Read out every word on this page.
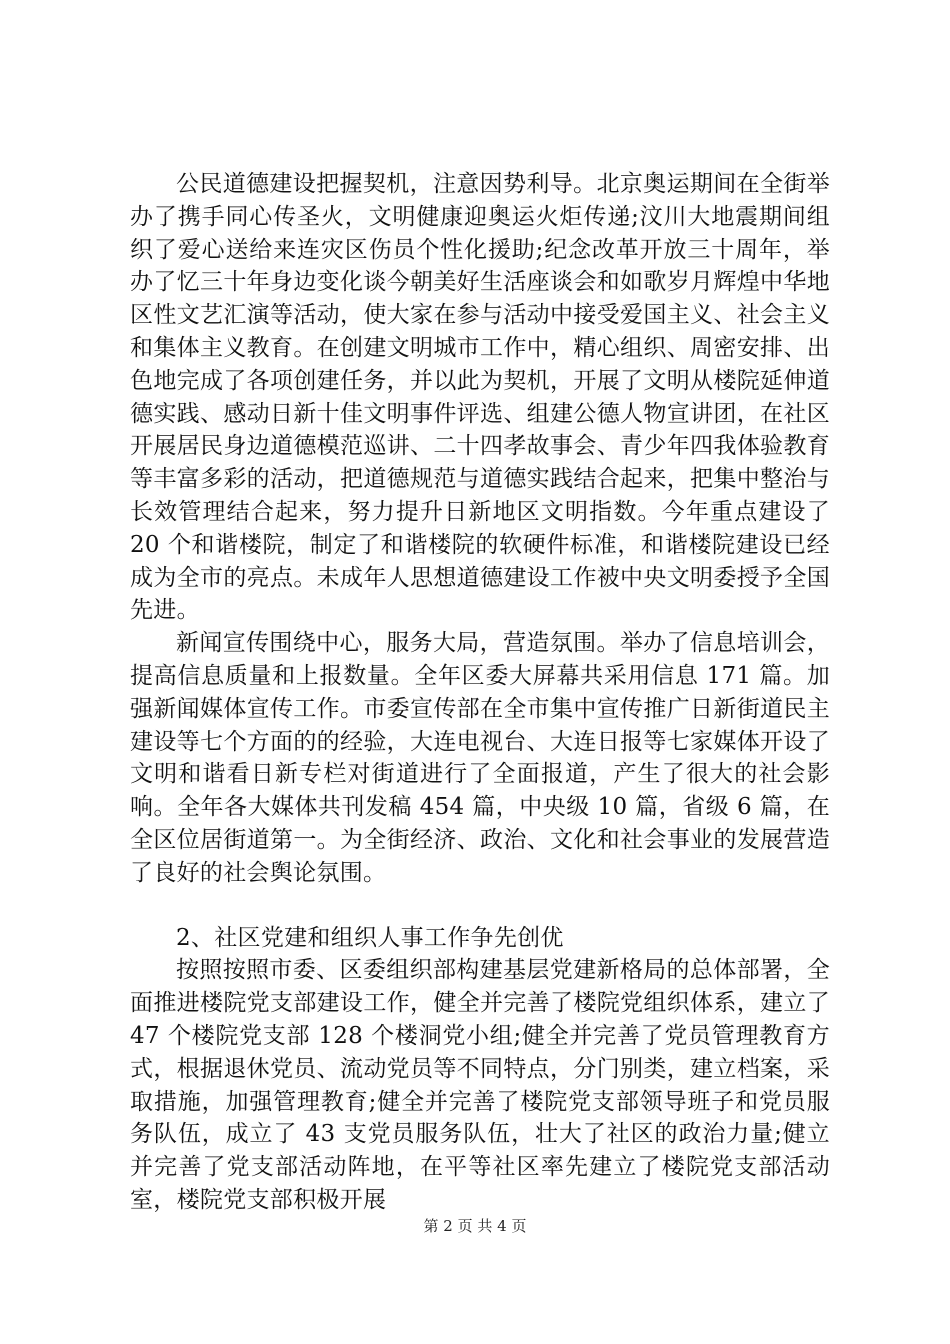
公民道德建设把握契机，注意因势利导。北京奥运期间在全街举办了携手同心传圣火，文明健康迎奥运火炬传递;汶川大地震期间组织了爱心送给来连灾区伤员个性化援助;纪念改革开放三十周年，举办了忆三十年身边变化谈今朝美好生活座谈会和如歌岁月辉煌中华地区性文艺汇演等活动，使大家在参与活动中接受爱国主义、社会主义和集体主义教育。在创建文明城市工作中，精心组织、周密安排、出色地完成了各项创建任务，并以此为契机，开展了文明从楼院延伸道德实践、感动日新十佳文明事件评选、组建公德人物宣讲团，在社区开展居民身边道德模范巡讲、二十四孝故事会、青少年四我体验教育等丰富多彩的活动，把道德规范与道德实践结合起来，把集中整治与长效管理结合起来，努力提升日新地区文明指数。今年重点建设了 20 个和谐楼院，制定了和谐楼院的软硬件标准，和谐楼院建设已经成为全市的亮点。未成年人思想道德建设工作被中央文明委授予全国先进。

新闻宣传围绕中心，服务大局，营造氛围。举办了信息培训会，提高信息质量和上报数量。全年区委大屏幕共采用信息 171 篇。加强新闻媒体宣传工作。市委宣传部在全市集中宣传推广日新街道民主建设等七个方面的的经验，大连电视台、大连日报等七家媒体开设了文明和谐看日新专栏对街道进行了全面报道，产生了很大的社会影响。全年各大媒体共刊发稿 454 篇，中央级 10 篇，省级 6 篇，在全区位居街道第一。为全街经济、政治、文化和社会事业的发展营造了良好的社会舆论氛围。

2、社区党建和组织人事工作争先创优

按照按照市委、区委组织部构建基层党建新格局的总体部署，全面推进楼院党支部建设工作，健全并完善了楼院党组织体系，建立了 47 个楼院党支部 128 个楼洞党小组;健全并完善了党员管理教育方式，根据退休党员、流动党员等不同特点，分门别类，建立档案，采取措施，加强管理教育;健全并完善了楼院党支部领导班子和党员服务队伍，成立了 43 支党员服务队伍，壮大了社区的政治力量;健立并完善了党支部活动阵地，在平等社区率先建立了楼院党支部活动室，楼院党支部积极开展

第 2 页 共 4 页
